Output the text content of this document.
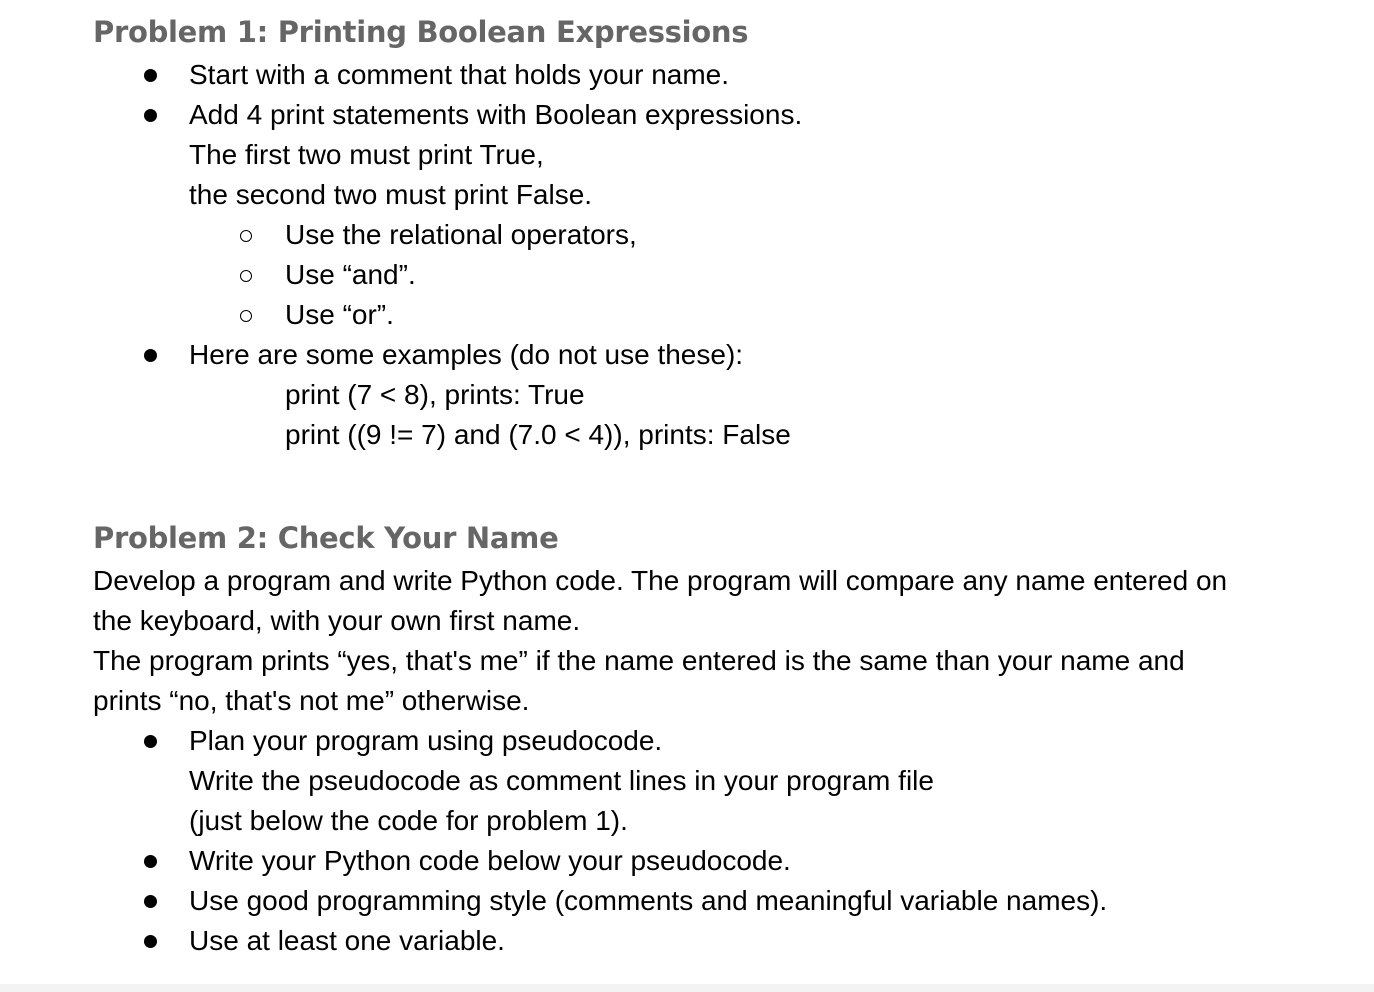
Problem 1: Printing Boolean Expressions
Start with a comment that holds your name.
Add 4 print statements with Boolean expressions.
The first two must print True,
the second two must print False.
Use the relational operators,
Use “and”.
Use “or”.
Here are some examples (do not use these):
print (7 < 8), prints: True
print ((9 != 7) and (7.0 < 4)), prints: False
Problem 2: Check Your Name
Develop a program and write Python code. The program will compare any name entered on
the keyboard, with your own first name.
The program prints “yes, that's me” if the name entered is the same than your name and
prints “no, that's not me” otherwise.
Plan your program using pseudocode.
Write the pseudocode as comment lines in your program file
(just below the code for problem 1).
Write your Python code below your pseudocode.
Use good programming style (comments and meaningful variable names).
Use at least one variable.
